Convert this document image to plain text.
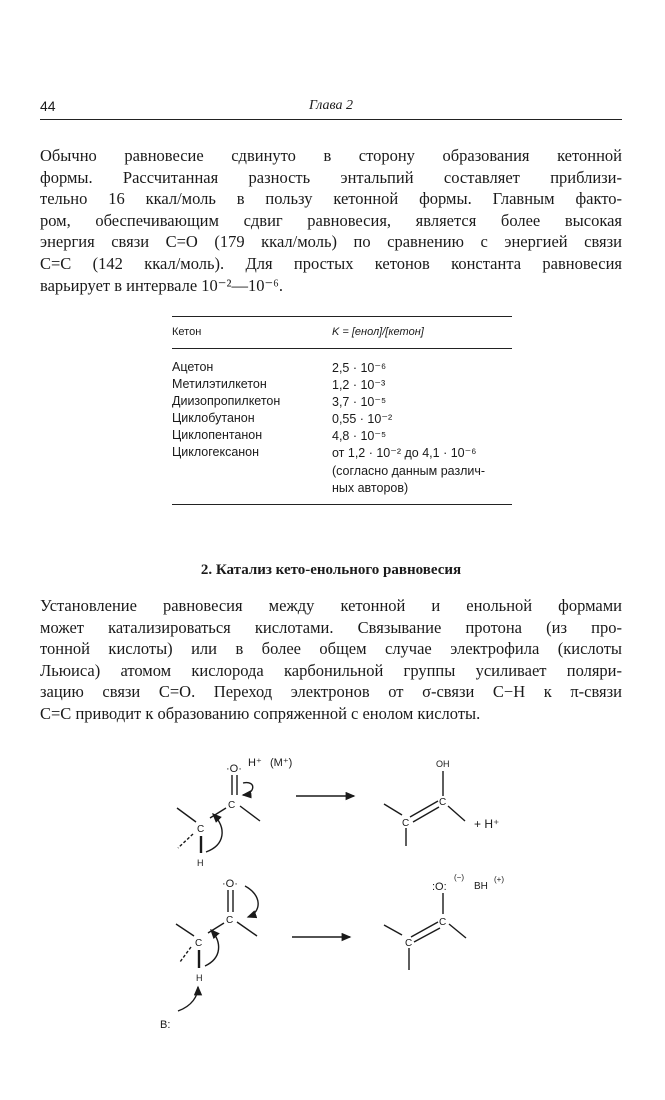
44	Глава 2
Обычно равновесие сдвинуто в сторону образования кетонной
формы. Рассчитанная разность энтальпий составляет приблизи-
тельно 16 ккал/моль в пользу кетонной формы. Главным факто-
ром, обеспечивающим сдвиг равновесия, является более высокая
энергия связи C=O (179 ккал/моль) по сравнению с энергией связи
C=C (142 ккал/моль). Для простых кетонов константа равновесия
варьирует в интервале 10⁻²—10⁻⁶.
Кетон	K = [енол]/[кетон]
Ацетон	2,5 · 10⁻⁶
Метилэтилкетон	1,2 · 10⁻³
Диизопропилкетон	3,7 · 10⁻⁵
Циклобутанон	0,55 · 10⁻²
Циклопентанон	4,8 · 10⁻⁵
Циклогексанон	от 1,2 · 10⁻² до 4,1 · 10⁻⁶
(согласно данным различ-
ных авторов)
2. Катализ кето-енольного равновесия
Установление равновесия между кетонной и енольной формами
может катализироваться кислотами. Связывание протона (из про-
тонной кислоты) или в более общем случае электрофила (кислоты
Льюиса) атомом кислорода карбонильной группы усиливает поляри-
зацию связи C=O. Переход электронов от σ-связи C−H к π-связи
C=C приводит к образованию сопряженной с енолом кислоты.
·O· H⁺ (M⁺)
C
C
H
OH
C
C	+ H⁺
·O·
C
C
H
B:
:O:
(−)
BH
(+)
C
C
